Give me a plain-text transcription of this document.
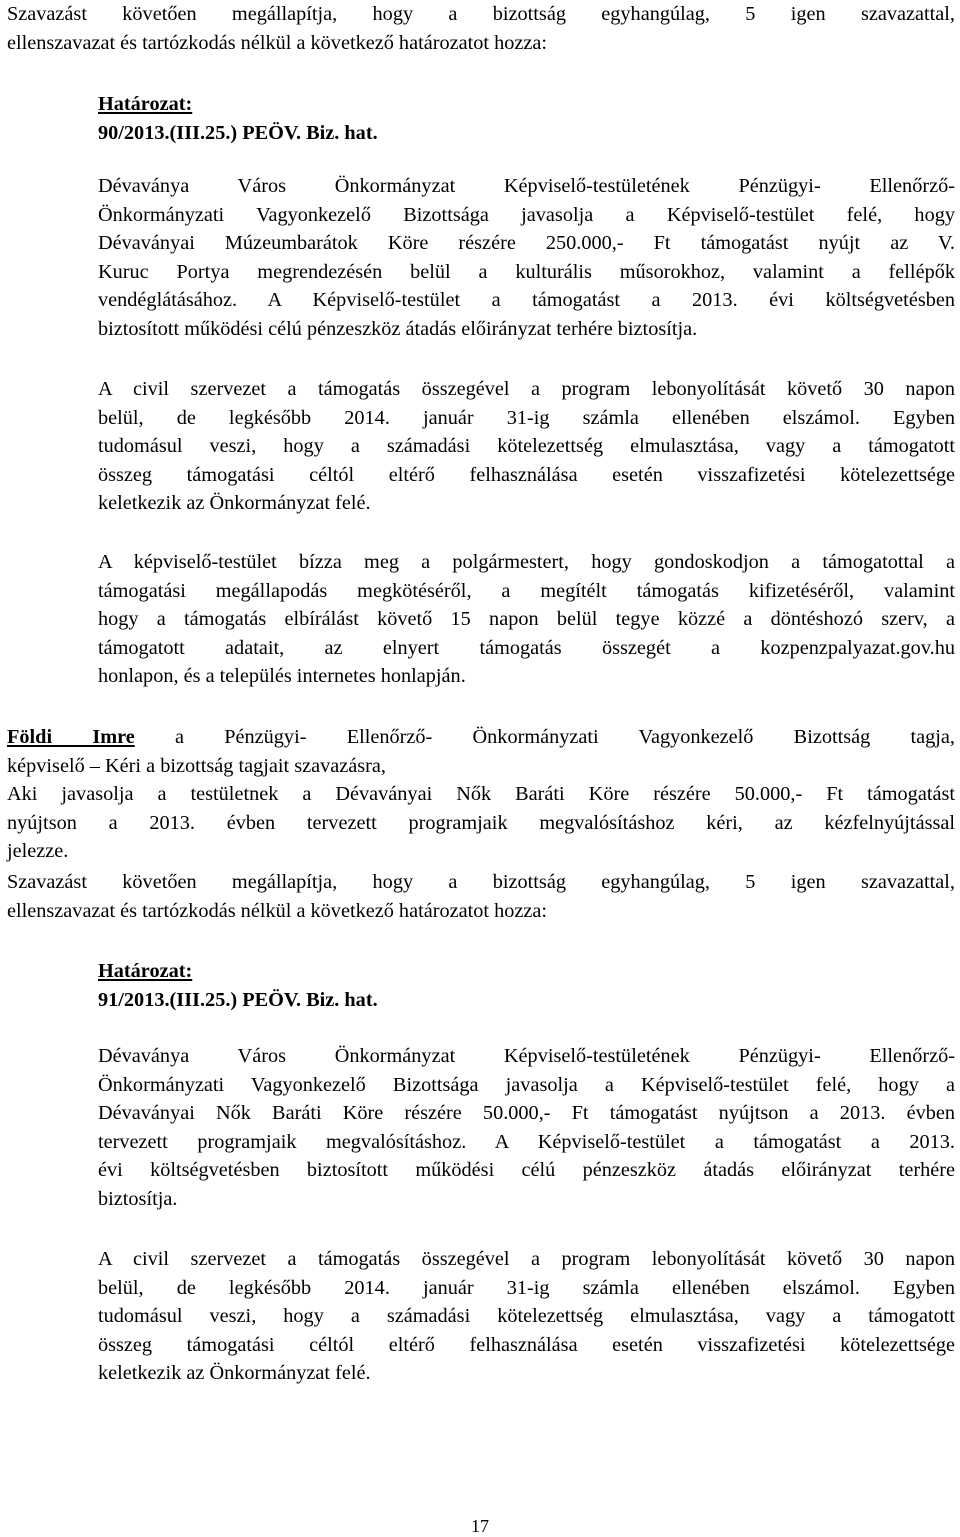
Szavazást követően megállapítja, hogy a bizottság egyhangúlag, 5 igen szavazattal,
ellenszavazat és tartózkodás nélkül a következő határozatot hozza:
Határozat:
90/2013.(III.25.) PEÖV. Biz. hat.
Dévaványa Város Önkormányzat Képviselő-testületének Pénzügyi- Ellenőrző-
Önkormányzati Vagyonkezelő Bizottsága javasolja a Képviselő-testület felé, hogy
Dévaványai Múzeumbarátok Köre részére 250.000,- Ft támogatást nyújt az V.
Kuruc Portya megrendezésén belül a kulturális műsorokhoz, valamint a fellépők
vendéglátásához. A Képviselő-testület a támogatást a 2013. évi költségvetésben
biztosított működési célú pénzeszköz átadás előirányzat terhére biztosítja.
A civil szervezet a támogatás összegével a program lebonyolítását követő 30 napon
belül, de legkésőbb 2014. január 31-ig számla ellenében elszámol. Egyben
tudomásul veszi, hogy a számadási kötelezettség elmulasztása, vagy a támogatott
összeg támogatási céltól eltérő felhasználása esetén visszafizetési kötelezettsége
keletkezik az Önkormányzat felé.
A képviselő-testület bízza meg a polgármestert, hogy gondoskodjon a támogatottal a
támogatási megállapodás megkötéséről, a megítélt támogatás kifizetéséről, valamint
hogy a támogatás elbírálást követő 15 napon belül tegye közzé a döntéshozó szerv, a
támogatott adatait, az elnyert támogatás összegét a kozpenzpalyazat.gov.hu
honlapon, és a település internetes honlapján.
Földi Imre a Pénzügyi- Ellenőrző- Önkormányzati Vagyonkezelő Bizottság tagja,
képviselő – Kéri a bizottság tagjait szavazásra,
Aki javasolja a testületnek a Dévaványai Nők Baráti Köre részére 50.000,- Ft támogatást
nyújtson a 2013. évben tervezett programjaik megvalósításhoz kéri, az kézfelnyújtással
jelezze.
Szavazást követően megállapítja, hogy a bizottság egyhangúlag, 5 igen szavazattal,
ellenszavazat és tartózkodás nélkül a következő határozatot hozza:
Határozat:
91/2013.(III.25.) PEÖV. Biz. hat.
Dévaványa Város Önkormányzat Képviselő-testületének Pénzügyi- Ellenőrző-
Önkormányzati Vagyonkezelő Bizottsága javasolja a Képviselő-testület felé, hogy a
Dévaványai Nők Baráti Köre részére 50.000,- Ft támogatást nyújtson a 2013. évben
tervezett programjaik megvalósításhoz. A Képviselő-testület a támogatást a 2013.
évi költségvetésben biztosított működési célú pénzeszköz átadás előirányzat terhére
biztosítja.
A civil szervezet a támogatás összegével a program lebonyolítását követő 30 napon
belül, de legkésőbb 2014. január 31-ig számla ellenében elszámol. Egyben
tudomásul veszi, hogy a számadási kötelezettség elmulasztása, vagy a támogatott
összeg támogatási céltól eltérő felhasználása esetén visszafizetési kötelezettsége
keletkezik az Önkormányzat felé.
17
